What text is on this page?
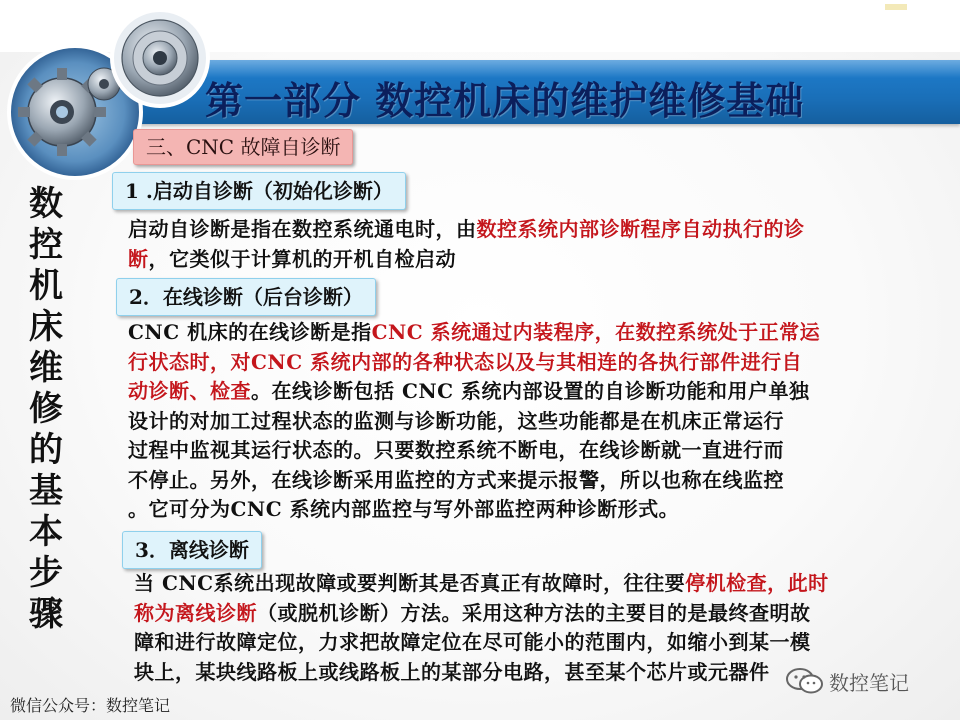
第一部分 数控机床的维护维修基础
三、CNC 故障自诊断
数控机床维修的基本步骤
1 .启动自诊断（初始化诊断）
启动自诊断是指在数控系统通电时，由数控系统内部诊断程序自动执行的诊
断，它类似于计算机的开机自检启动
2．在线诊断（后台诊断）
CNC 机床的在线诊断是指CNC 系统通过内装程序，在数控系统处于正常运
行状态时，对CNC 系统内部的各种状态以及与其相连的各执行部件进行自
动诊断、检查。在线诊断包括 CNC 系统内部设置的自诊断功能和用户单独
设计的对加工过程状态的监测与诊断功能，这些功能都是在机床正常运行
过程中监视其运行状态的。只要数控系统不断电，在线诊断就一直进行而
不停止。另外，在线诊断采用监控的方式来提示报警，所以也称在线监控
。它可分为CNC 系统内部监控与写外部监控两种诊断形式。
3．离线诊断
当 CNC系统出现故障或要判断其是否真正有故障时，往往要停机检查，此时
称为离线诊断（或脱机诊断）方法。采用这种方法的主要目的是最终查明故
障和进行故障定位，力求把故障定位在尽可能小的范围内，如缩小到某一模
块上，某块线路板上或线路板上的某部分电路，甚至某个芯片或元器件
微信公众号：数控笔记
数控笔记
